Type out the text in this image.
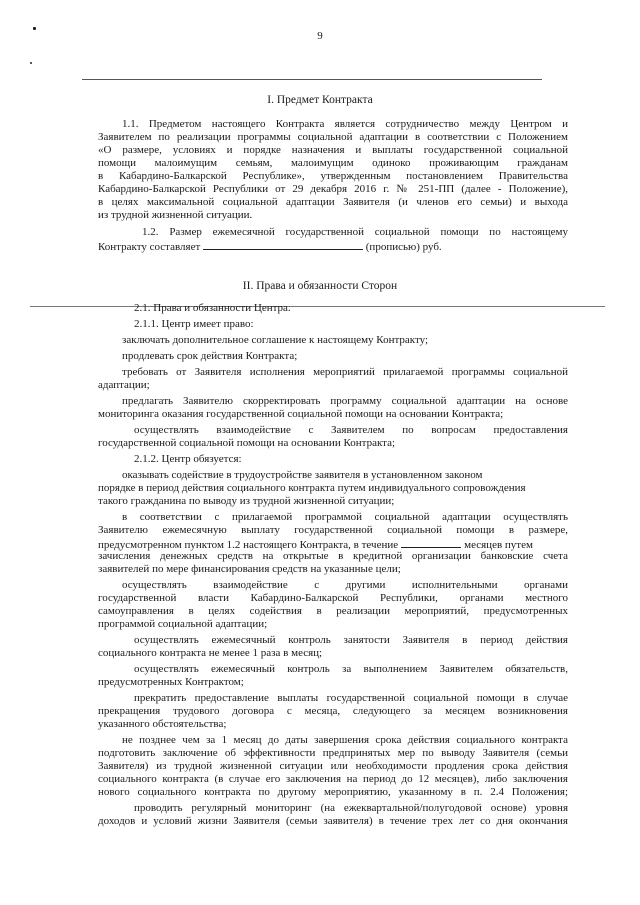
9
I. Предмет Контракта
1.1. Предметом настоящего Контракта является сотрудничество между Центром и
Заявителем по реализации программы социальной адаптации в соответствии с Положением
«О размере, условиях и порядке назначения и выплаты государственной социальной
помощи малоимущим семьям, малоимущим одиноко проживающим гражданам
в Кабардино-Балкарской Республике», утвержденным постановлением Правительства
Кабардино-Балкарской Республики от 29 декабря 2016 г. № 251-ПП (далее - Положение),
в целях максимальной социальной адаптации Заявителя (и членов его семьи) и выхода
из трудной жизненной ситуации.
1.2. Размер ежемесячной государственной социальной помощи по настоящему
Контракту составляет	(прописью) руб.
II. Права и обязанности Сторон
2.1. Права и обязанности Центра.
2.1.1. Центр имеет право:
заключать дополнительное соглашение к настоящему Контракту;
продлевать срок действия Контракта;
требовать от Заявителя исполнения мероприятий прилагаемой программы социальной
адаптации;
предлагать Заявителю скорректировать программу социальной адаптации на основе
мониторинга оказания государственной социальной помощи на основании Контракта;
осуществлять взаимодействие с Заявителем по вопросам предоставления
государственной социальной помощи на основании Контракта;
2.1.2. Центр обязуется:
оказывать содействие в трудоустройстве заявителя в установленном законом
порядке в период действия социального контракта путем индивидуального сопровождения
такого гражданина по выводу из трудной жизненной ситуации;
в соответствии с прилагаемой программой социальной адаптации осуществлять
Заявителю ежемесячную выплату государственной социальной помощи в размере,
предусмотренном пунктом 1.2 настоящего Контракта, в течение	месяцев путем
зачисления денежных средств на открытые в кредитной организации банковские счета
заявителей по мере финансирования средств на указанные цели;
осуществлять взаимодействие с другими исполнительными органами
государственной власти Кабардино-Балкарской Республики, органами местного
самоуправления в целях содействия в реализации мероприятий, предусмотренных
программой социальной адаптации;
осуществлять ежемесячный контроль занятости Заявителя в период действия
социального контракта не менее 1 раза в месяц;
осуществлять ежемесячный контроль за выполнением Заявителем обязательств,
предусмотренных Контрактом;
прекратить предоставление выплаты государственной социальной помощи в случае
прекращения трудового договора с месяца, следующего за месяцем возникновения
указанного обстоятельства;
не позднее чем за 1 месяц до даты завершения срока действия социального контракта
подготовить заключение об эффективности предпринятых мер по выводу Заявителя (семьи
Заявителя) из трудной жизненной ситуации или необходимости продления срока действия
социального контракта (в случае его заключения на период до 12 месяцев), либо заключения
нового социального контракта по другому мероприятию, указанному в п. 2.4 Положения;
проводить регулярный мониторинг (на ежеквартальной/полугодовой основе) уровня
доходов и условий жизни Заявителя (семьи заявителя) в течение трех лет со дня окончания
